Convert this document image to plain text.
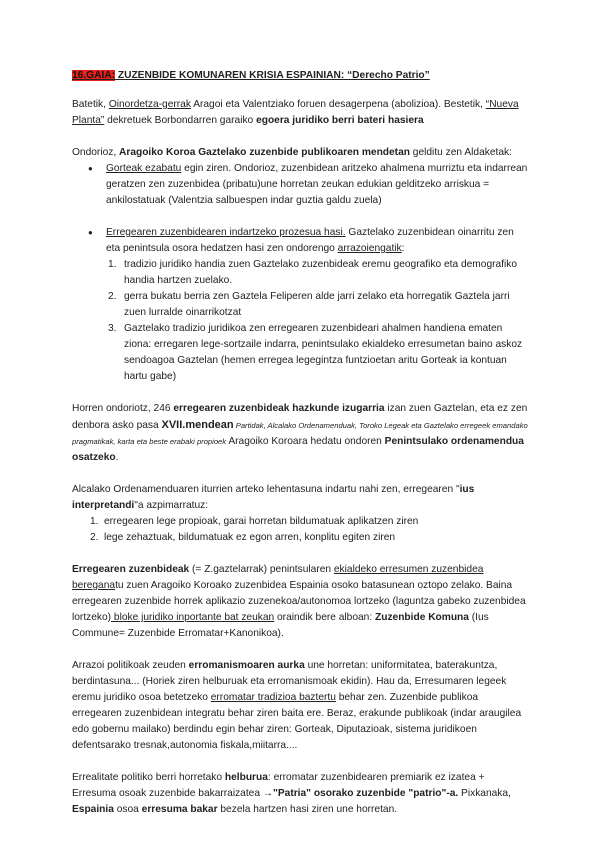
16.GAIA: ZUZENBIDE KOMUNAREN KRISIA ESPAINIAN: “Derecho Patrio”

Batetik, Oinordetza-gerrak Aragoi eta Valentziako foruen desagerpena (abolizioa). Bestetik, “Nueva Planta” dekretuek Borbondarren garaiko egoera juridiko berri bateri hasiera

Ondorioz, Aragoiko Koroa Gaztelako zuzenbide publikoaren mendetan gelditu zen Aldaketak:

● Gorteak ezabatu egin ziren. Ondorioz, zuzenbidean aritzeko ahalmena murriztu eta indarrean geratzen zen zuzenbidea (pribatu)une horretan zeukan edukian gelditzeko arriskua = ankilostatuak (Valentzia salbuespen indar guztia galdu zuela)

● Erregearen zuzenbidearen indartzeko prozesua hasi. Gaztelako zuzenbidean oinarritu zen eta penintsula osora hedatzen hasi zen ondorengo arrazoiengatik:

1. tradizio juridiko handia zuen Gaztelako zuzenbideak eremu geografiko eta demografiko handia hartzen zuelako.

2. gerra bukatu berria zen Gaztela Feliperen alde jarri zelako eta horregatik Gaztela jarri zuen lurralde oinarrikotzat

3. Gaztelako tradizio juridikoa zen erregearen zuzenbideari ahalmen handiena ematen ziona: erregaren lege-sortzaile indarra, penintsulako ekialdeko erresumetan baino askoz sendoagoa Gaztelan (hemen erregea legegintza funtzioetan aritu Gorteak ia kontuan hartu gabe)

Horren ondoriotz, 246 erregearen zuzenbideak hazkunde izugarria izan zuen Gaztelan, eta ez zen denbora asko pasa XVII.mendean Partidak, Alcalako Ordenamenduak, Toroko Legeak eta Gaztelako erregeek emandako pragmatikak, karta eta beste erabaki propioek Aragoiko Koroara hedatu ondoren Penintsulako ordenamendua osatzeko.

Alcalako Ordenamenduaren iturrien arteko lehentasuna indartu nahi zen, erregearen "ius interpretandi"a azpimarratuz:

1. erregearen lege propioak, garai horretan bildumatuak aplikatzen ziren

2. lege zehaztuak, bildumatuak ez egon arren, konplitu egiten ziren

Erregearen zuzenbideak (= Z.gaztelarrak) penintsularen ekialdeko erresumen zuzenbidea bereganatu zuen Aragoiko Koroako zuzenbidea Espainia osoko batasunean oztopo zelako. Baina erregearen zuzenbide horrek aplikazio zuzenekoa/autonomoa lortzeko (laguntza gabeko zuzenbidea lortzeko) bloke juridiko inportante bat zeukan oraindik bere alboan: Zuzenbide Komuna (Ius Commune= Zuzenbide Erromatar+Kanonikoa).

Arrazoi politikoak zeuden erromanismoaren aurka une horretan: uniformitatea, baterakuntza, berdintasuna... (Horiek ziren helburuak eta erromanismoak ekidin). Hau da, Erresumaren legeek eremu juridiko osoa betetzeko erromatar tradizioa baztertu behar zen. Zuzenbide publikoa erregearen zuzenbidean integratu behar ziren baita ere. Beraz, erakunde publikoak (indar araugilea edo gobernu mailako) berdindu egin behar ziren: Gorteak, Diputazioak, sistema juridikoen defentsarako tresnak,autonomia fiskala,miitarra....

Errealitate politiko berri horretako helburua: erromatar zuzenbidearen premiarik ez izatea + Erresuma osoak zuzenbide bakarraizatea →"Patria" osorako zuzenbide "patrio"-a. Pixkanaka, Espainia osoa erresuma bakar bezela hartzen hasi ziren une horretan.
